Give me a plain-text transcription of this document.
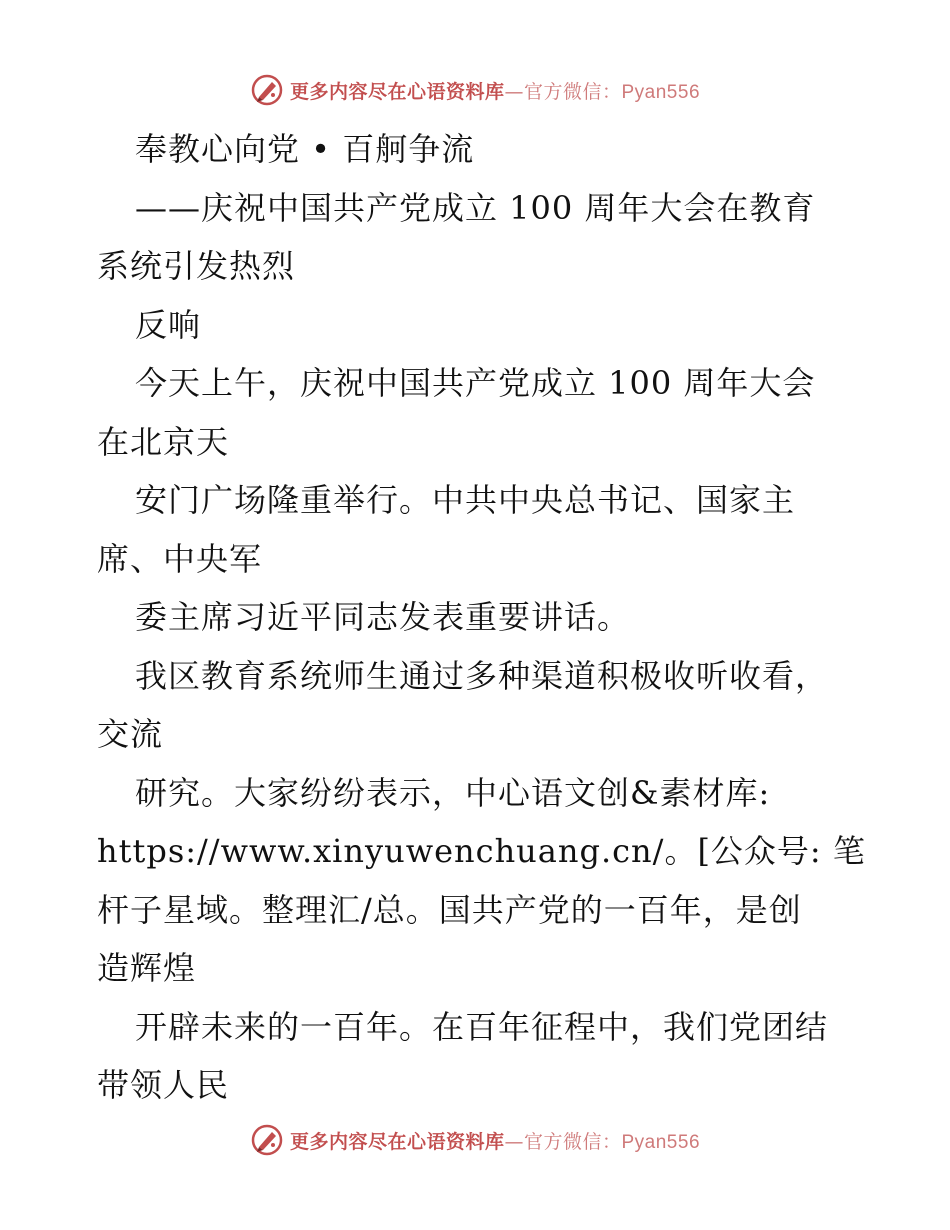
更多内容尽在心语资料库—官方微信：Pyan556
奉教心向党 • 百舸争流
——庆祝中国共产党成立 100 周年大会在教育
系统引发热烈
反响
今天上午，庆祝中国共产党成立 100 周年大会
在北京天
安门广场隆重举行。中共中央总书记、国家主
席、中央军
委主席习近平同志发表重要讲话。
我区教育系统师生通过多种渠道积极收听收看，
交流
研究。大家纷纷表示，中心语文创&素材库:
https://www.xinyuwenchuang.cn/。[公众号: 笔
杆子星域。整理汇/总。国共产党的一百年，是创
造辉煌
开辟未来的一百年。在百年征程中，我们党团结
带领人民
更多内容尽在心语资料库—官方微信：Pyan556
